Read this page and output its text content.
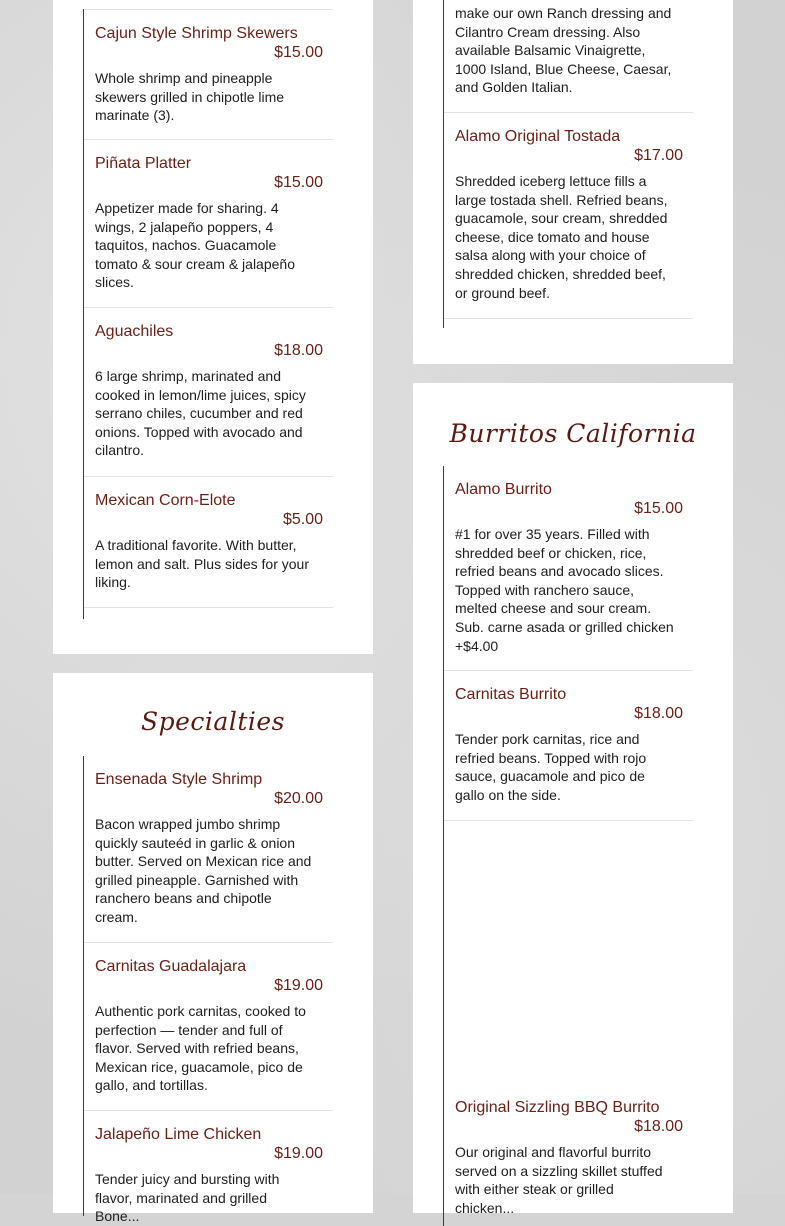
Cajun Style Shrimp Skewers
$15.00
Whole shrimp and pineapple skewers grilled in chipotle lime marinate (3).
Piñata Platter
$15.00
Appetizer made for sharing. 4 wings, 2 jalapeño poppers, 4 taquitos, nachos. Guacamole tomato & sour cream & jalapeño slices.
Aguachiles
$18.00
6 large shrimp, marinated and cooked in lemon/lime juices, spicy serrano chiles, cucumber and red onions. Topped with avocado and cilantro.
Mexican Corn-Elote
$5.00
A traditional favorite. With butter, lemon and salt. Plus sides for your liking.
make our own Ranch dressing and Cilantro Cream dressing. Also available Balsamic Vinaigrette, 1000 Island, Blue Cheese, Caesar, and Golden Italian.
Alamo Original Tostada
$17.00
Shredded iceberg lettuce fills a large tostada shell. Refried beans, guacamole, sour cream, shredded cheese, dice tomato and house salsa along with your choice of shredded chicken, shredded beef, or ground beef.
Specialties
Ensenada Style Shrimp
$20.00
Bacon wrapped jumbo shrimp quickly sauteéd in garlic & onion butter. Served on Mexican rice and grilled pineapple. Garnished with ranchero beans and chipotle cream.
Carnitas Guadalajara
$19.00
Authentic pork carnitas, cooked to perfection — tender and full of flavor. Served with refried beans, Mexican rice, guacamole, pico de gallo, and tortillas.
Jalapeño Lime Chicken
$19.00
Tender juicy and bursting with flavor, marinated and grilled Bone...
Burritos California
Alamo Burrito
$15.00
#1 for over 35 years. Filled with shredded beef or chicken, rice, refried beans and avocado slices. Topped with ranchero sauce, melted cheese and sour cream. Sub. carne asada or grilled chicken +$4.00
Carnitas Burrito
$18.00
Tender pork carnitas, rice and refried beans. Topped with rojo sauce, guacamole and pico de gallo on the side.
Original Sizzling BBQ Burrito
$18.00
Our original and flavorful burrito served on a sizzling skillet stuffed with either steak or grilled chicken...
